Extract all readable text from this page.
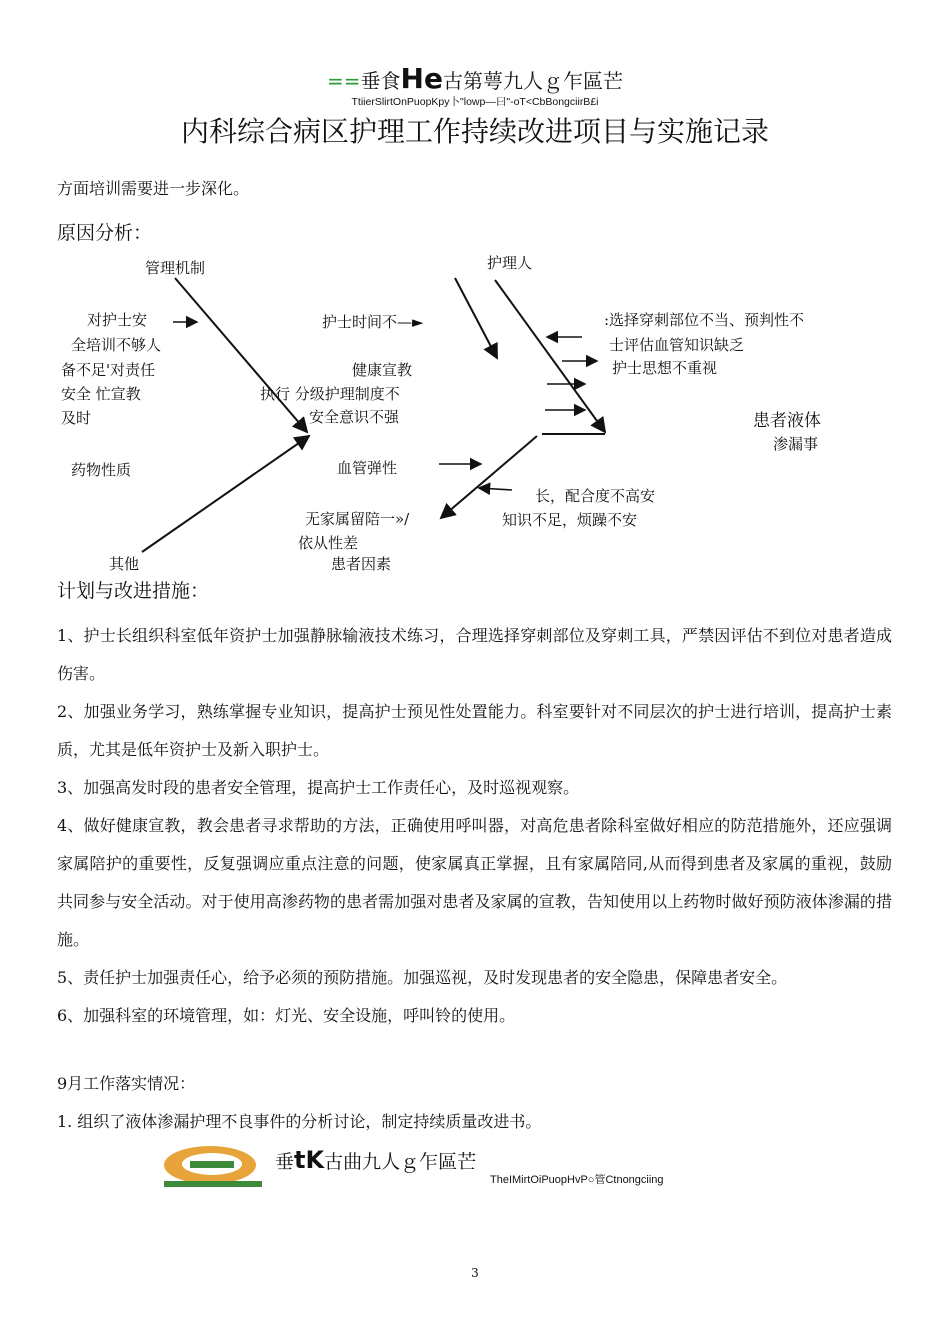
==垂食He古第萼九人ｇ乍區芒
TtiierSlirtOnPuopKpy卜"lowp—曰"-oT<CbBongciirB£i
内科综合病区护理工作持续改进项目与实施记录
方面培训需要进一步深化。
原因分析：
管理机制	护理人
对护士安
全培训不够人
备不足'对责任
安全 忙宣教
及时
执行 分级护理制度不
安全意识不强
护士时间不—►
健康宣教
:选择穿刺部位不当、预判性不
士评估血管知识缺乏
护士思想不重视
患者液体
渗漏事
药物性质	血管弹性
长，配合度不高安
知识不足，烦躁不安
无家属留陪一»/
依从性差
其他	患者因素
计划与改进措施：
1、护士长组织科室低年资护士加强静脉输液技术练习，合理选择穿刺部位及穿刺工具，严禁因评估不到位对患者造成伤害。
2、加强业务学习，熟练掌握专业知识，提高护士预见性处置能力。科室要针对不同层次的护士进行培训，提高护士素质，尤其是低年资护士及新入职护士。
3、加强高发时段的患者安全管理，提高护士工作责任心，及时巡视观察。
4、做好健康宣教，教会患者寻求帮助的方法，正确使用呼叫器，对高危患者除科室做好相应的防范措施外，还应强调家属陪护的重要性，反复强调应重点注意的问题，使家属真正掌握，且有家属陪同,从而得到患者及家属的重视，鼓励共同参与安全活动。对于使用高渗药物的患者需加强对患者及家属的宣教，告知使用以上药物时做好预防液体渗漏的措施。
5、责任护士加强责任心，给予必须的预防措施。加强巡视，及时发现患者的安全隐患，保障患者安全。
6、加强科室的环境管理，如：灯光、安全设施，呼叫铃的使用。
9月工作落实情况：
1. 组织了液体渗漏护理不良事件的分析讨论，制定持续质量改进书。
垂tK古曲九人ｇ乍區芒
TheIMirtOiPuopHvP○管Ctnongciing
3
